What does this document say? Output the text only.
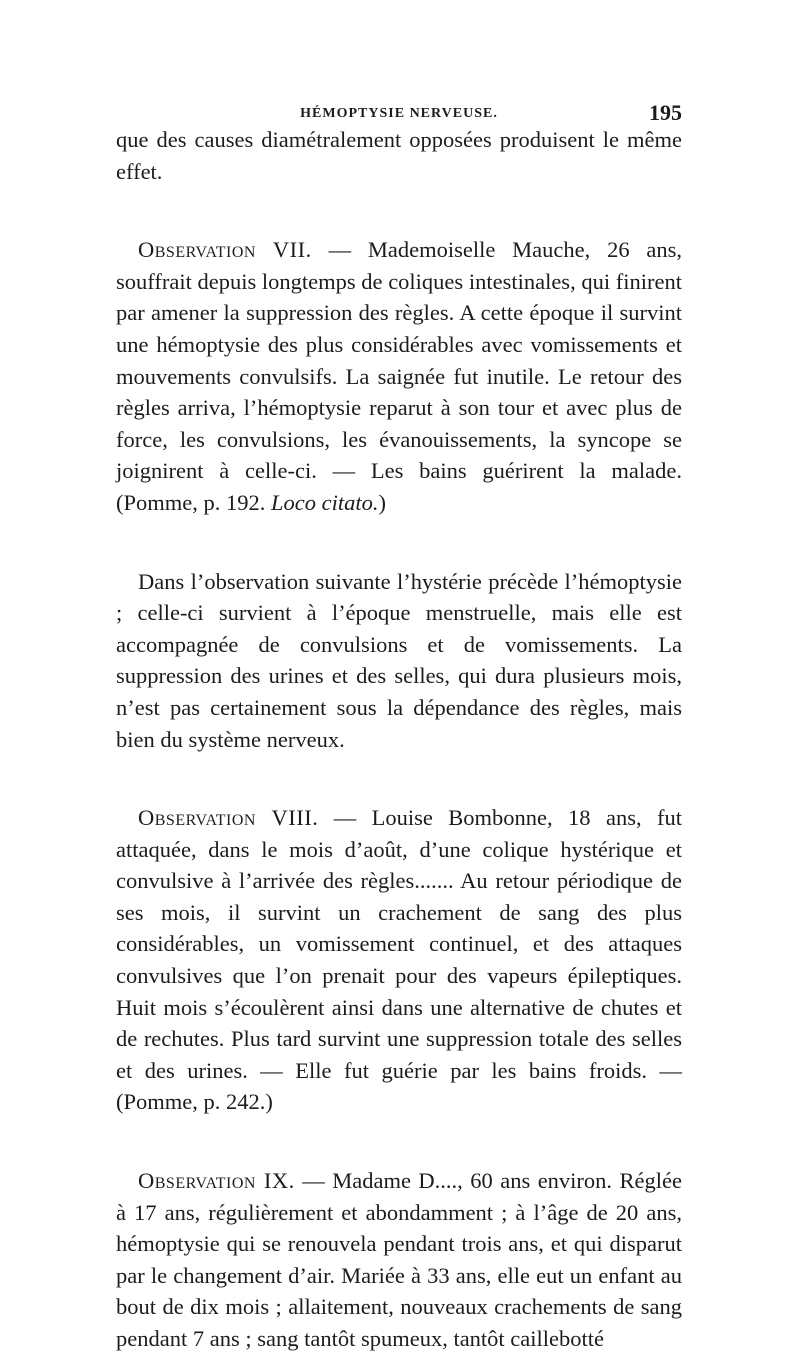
HÉMOPTYSIE NERVEUSE.	195

que des causes diamétralement opposées produisent le même effet.

Observation VII. — Mademoiselle Mauche, 26 ans, souffrait depuis longtemps de coliques intestinales, qui finirent par amener la suppression des règles. A cette époque il survint une hémoptysie des plus considérables avec vomissements et mouvements convulsifs. La saignée fut inutile. Le retour des règles arriva, l’hémoptysie reparut à son tour et avec plus de force, les convulsions, les évanouissements, la syncope se joignirent à celle-ci. — Les bains guérirent la malade. (Pomme, p. 192. Loco citato.)

Dans l’observation suivante l’hystérie précède l’hémoptysie ; celle-ci survient à l’époque menstruelle, mais elle est accompagnée de convulsions et de vomissements. La suppression des urines et des selles, qui dura plusieurs mois, n’est pas certainement sous la dépendance des règles, mais bien du système nerveux.

Observation VIII. — Louise Bombonne, 18 ans, fut attaquée, dans le mois d’août, d’une colique hystérique et convulsive à l’arrivée des règles....... Au retour périodique de ses mois, il survint un crachement de sang des plus considérables, un vomissement continuel, et des attaques convulsives que l’on prenait pour des vapeurs épileptiques. Huit mois s’écoulèrent ainsi dans une alternative de chutes et de rechutes. Plus tard survint une suppression totale des selles et des urines. — Elle fut guérie par les bains froids. — (Pomme, p. 242.)

Observation IX. — Madame D...., 60 ans environ. Réglée à 17 ans, régulièrement et abondamment ; à l’âge de 20 ans, hémoptysie qui se renouvela pendant trois ans, et qui disparut par le changement d’air. Mariée à 33 ans, elle eut un enfant au bout de dix mois ; allaitement, nouveaux crachements de sang pendant 7 ans ; sang tantôt spumeux, tantôt caillebotté
